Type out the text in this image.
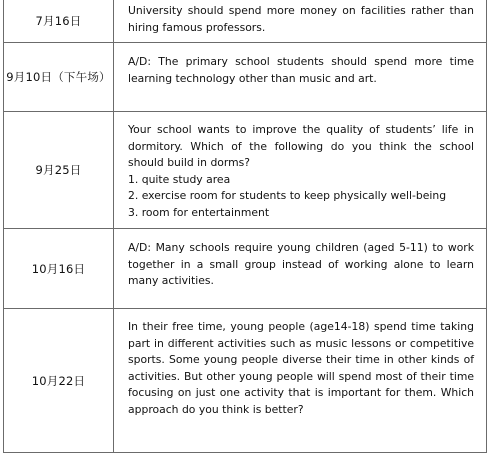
7月16日	University should spend more money on facilities rather than hiring famous professors.
9月10日（下午场）	A/D: The primary school students should spend more time learning technology other than music and art.
9月25日	Your school wants to improve the quality of students’ life in dormitory. Which of the following do you think the school should build in dorms?
1. quite study area
2. exercise room for students to keep physically well-being
3. room for entertainment

10月16日	A/D: Many schools require young children (aged 5-11) to work together in a small group instead of working alone to learn many activities.
10月22日	In their free time, young people (age14-18) spend time taking part in different activities such as music lessons or competitive sports. Some young people diverse their time in other kinds of activities. But other young people will spend most of their time focusing on just one activity that is important for them. Which approach do you think is better?
